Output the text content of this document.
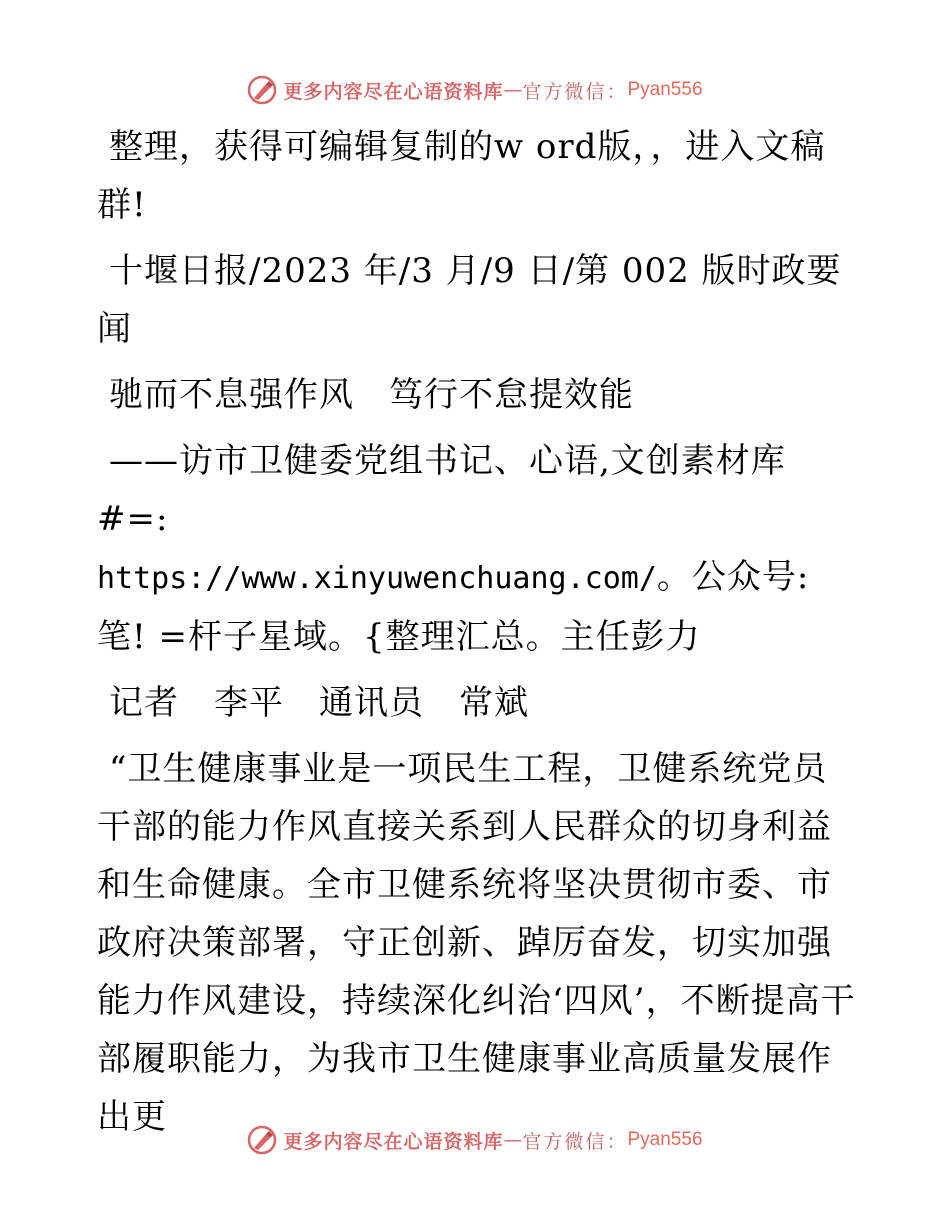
更多内容尽在心语资料库 — 官方微信： Pyan556

整理，获得可编辑复制的w ord版，，进入文稿
群!

十堰日报/2023 年/3 月/9 日/第 002 版时政要
闻

驰而不息强作风　笃行不怠提效能

——访市卫健委党组书记、心语,文创素材库#=:
https://www.xinyuwenchuang.com/。公众号:
笔! =杆子星域。{整理汇总。主任彭力

记者　李平　通讯员　常斌

“卫生健康事业是一项民生工程，卫健系统党员干部的能力作风直接关系到人民群众的切身利益和生命健康。全市卫健系统将坚决贯彻市委、市政府决策部署，守正创新、踔厉奋发，切实加强能力作风建设，持续深化纠治‘四风’，不断提高干部履职能力，为我市卫生健康事业高质量发展作出更

更多内容尽在心语资料库 — 官方微信： Pyan556
